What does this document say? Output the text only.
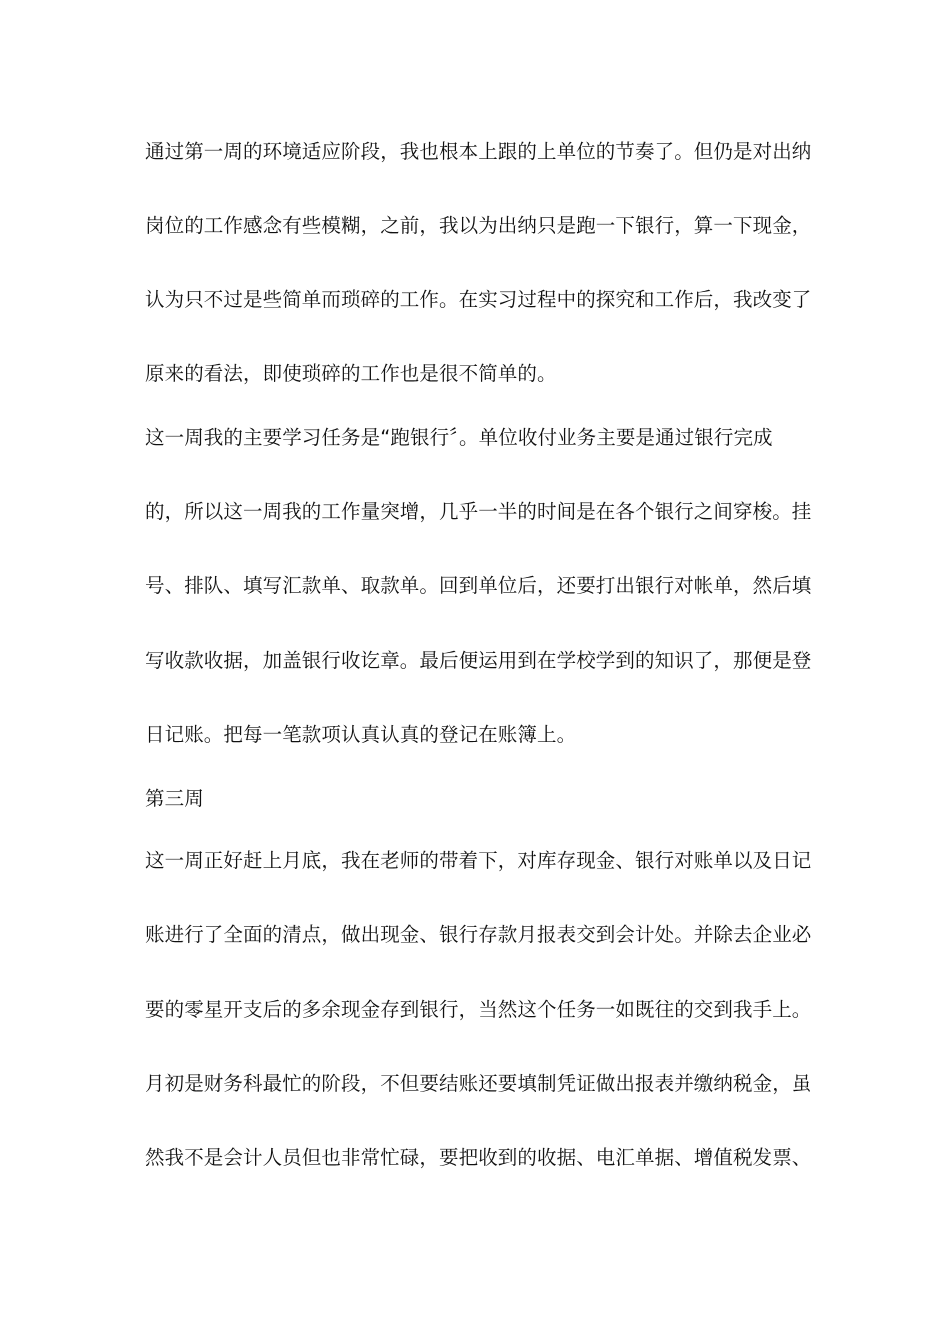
通过第一周的环境适应阶段，我也根本上跟的上单位的节奏了。但仍是对出纳
岗位的工作感念有些模糊，之前，我以为出纳只是跑一下银行，算一下现金，
认为只不过是些简单而琐碎的工作。在实习过程中的探究和工作后，我改变了
原来的看法，即使琐碎的工作也是很不简单的。
这一周我的主要学习任务是“跑银行〞。单位收付业务主要是通过银行完成
的，所以这一周我的工作量突增，几乎一半的时间是在各个银行之间穿梭。挂
号、排队、填写汇款单、取款单。回到单位后，还要打出银行对帐单，然后填
写收款收据，加盖银行收讫章。最后便运用到在学校学到的知识了，那便是登
日记账。把每一笔款项认真认真的登记在账簿上。
第三周
这一周正好赶上月底，我在老师的带着下，对库存现金、银行对账单以及日记
账进行了全面的清点，做出现金、银行存款月报表交到会计处。并除去企业必
要的零星开支后的多余现金存到银行，当然这个任务一如既往的交到我手上。
月初是财务科最忙的阶段，不但要结账还要填制凭证做出报表并缴纳税金，虽
然我不是会计人员但也非常忙碌，要把收到的收据、电汇单据、增值税发票、
